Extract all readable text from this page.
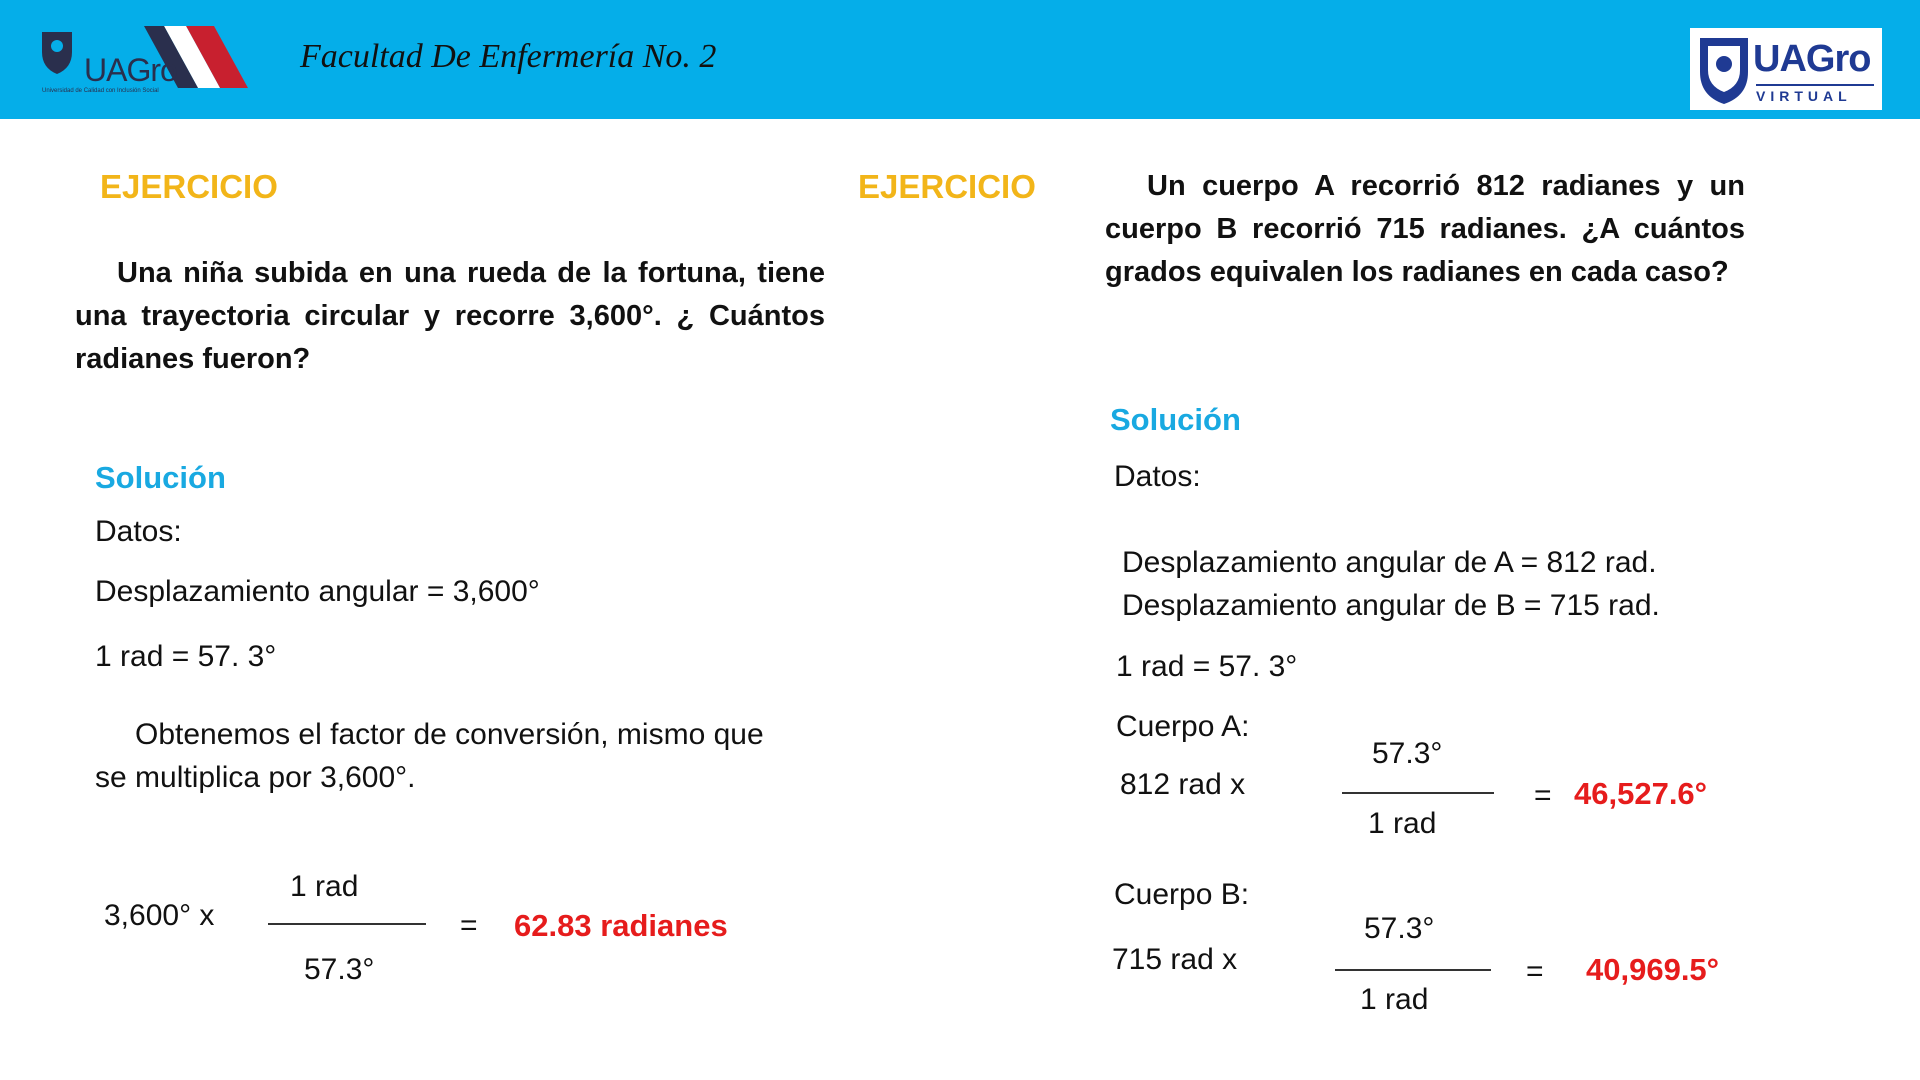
UAGro
Universidad de Calidad con Inclusión Social
Facultad De Enfermería No. 2	UAGro
VIRTUAL
EJERCICIO
Una niña subida en una rueda de la fortuna, tiene una trayectoria circular y recorre 3,600°. ¿ Cuántos radianes fueron?
Solución
Datos:
Desplazamiento angular = 3,600°
1 rad = 57. 3°
Obtenemos el factor de conversión, mismo que se multiplica por 3,600°.
3,600° x
1 rad
57.3°
= 62.83 radianes
EJERCICIO	Un cuerpo A recorrió 812 radianes y un cuerpo B recorrió 715 radianes. ¿A cuántos grados equivalen los radianes en cada caso?
Solución
Datos:
Desplazamiento angular de A = 812 rad.
Desplazamiento angular de B = 715 rad.
1 rad = 57. 3°
Cuerpo A:
812 rad x
57.3°
1 rad
= 46,527.6°
Cuerpo B:
715 rad x
57.3°
1 rad
= 40,969.5°
